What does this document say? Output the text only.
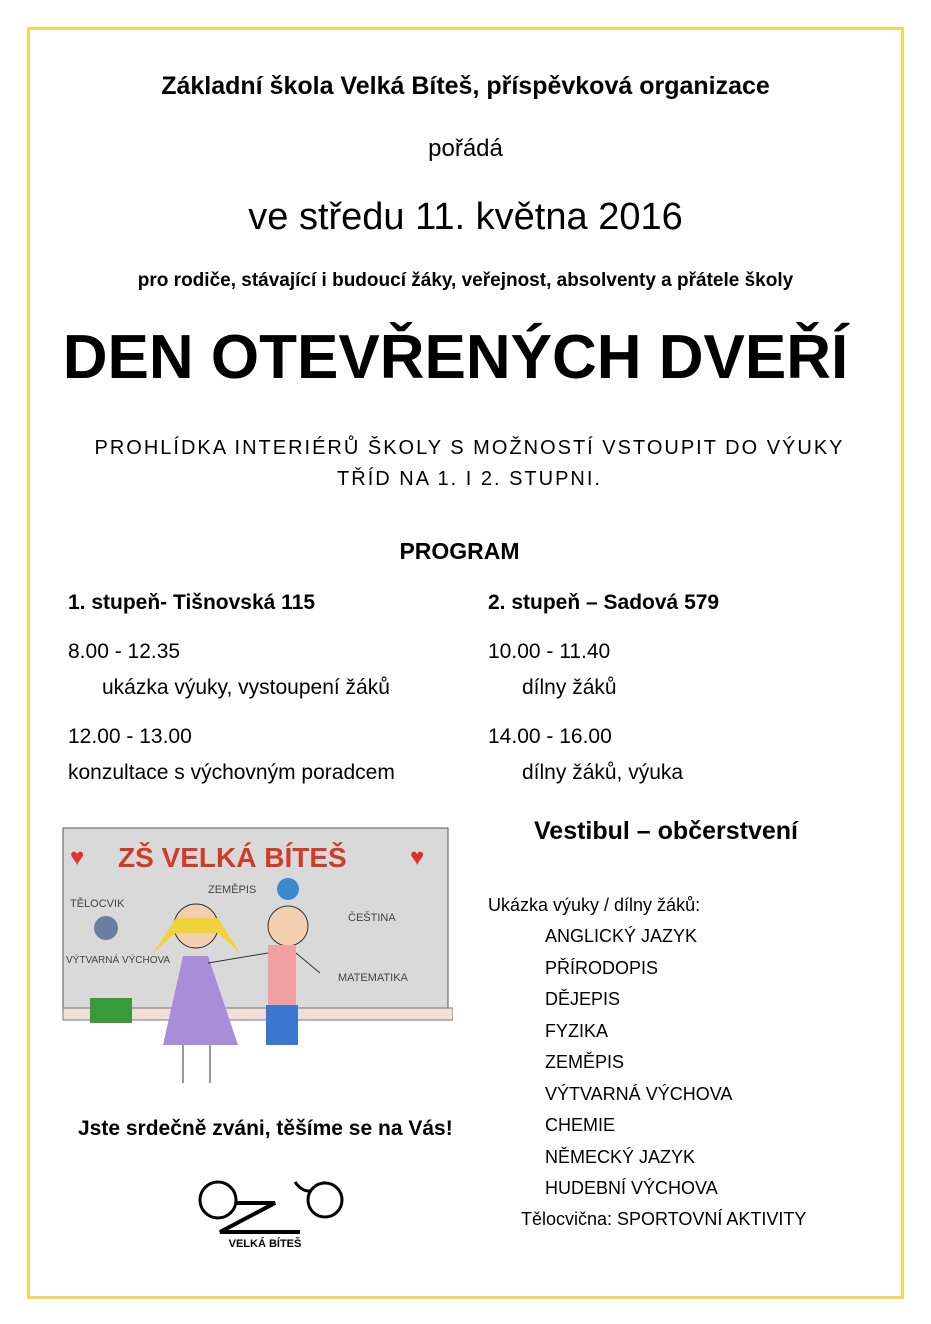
Základní škola Velká Bíteš, příspěvková organizace
pořádá
ve středu 11. května 2016
pro rodiče, stávající i budoucí žáky, veřejnost, absolventy a přátele školy
DEN OTEVŘENÝCH DVEŘÍ
PROHLÍDKA INTERIÉRŮ ŠKOLY S MOŽNOSTÍ VSTOUPIT DO VÝUKY
TŘÍD NA 1. I 2. STUPNI.
PROGRAM
1. stupeň- Tišnovská 115
8.00 - 12.35
ukázka výuky, vystoupení žáků
12.00 - 13.00
konzultace s výchovným poradcem
2. stupeň – Sadová 579
10.00 - 11.40
dílny žáků
14.00 - 16.00
dílny žáků, výuka
Vestibul – občerstvení
Ukázka výuky / dílny žáků:
ANGLICKÝ JAZYK
PŘÍRODOPIS
DĚJEPIS
FYZIKA
ZEMĚPIS
VÝTVARNÁ VÝCHOVA
CHEMIE
NĚMECKÝ JAZYK
HUDEBNÍ VÝCHOVA
Tělocvična: SPORTOVNÍ AKTIVITY
♥ ZŠ VELKÁ BÍTEŠ	♥
TĚLOCVIK
ZEMĚPIS
ČEŠTINA
VÝTVARNÁ VÝCHOVA
MATEMATIKA
Jste srdečně zváni, těšíme se na Vás!
VELKÁ BÍTEŠ
